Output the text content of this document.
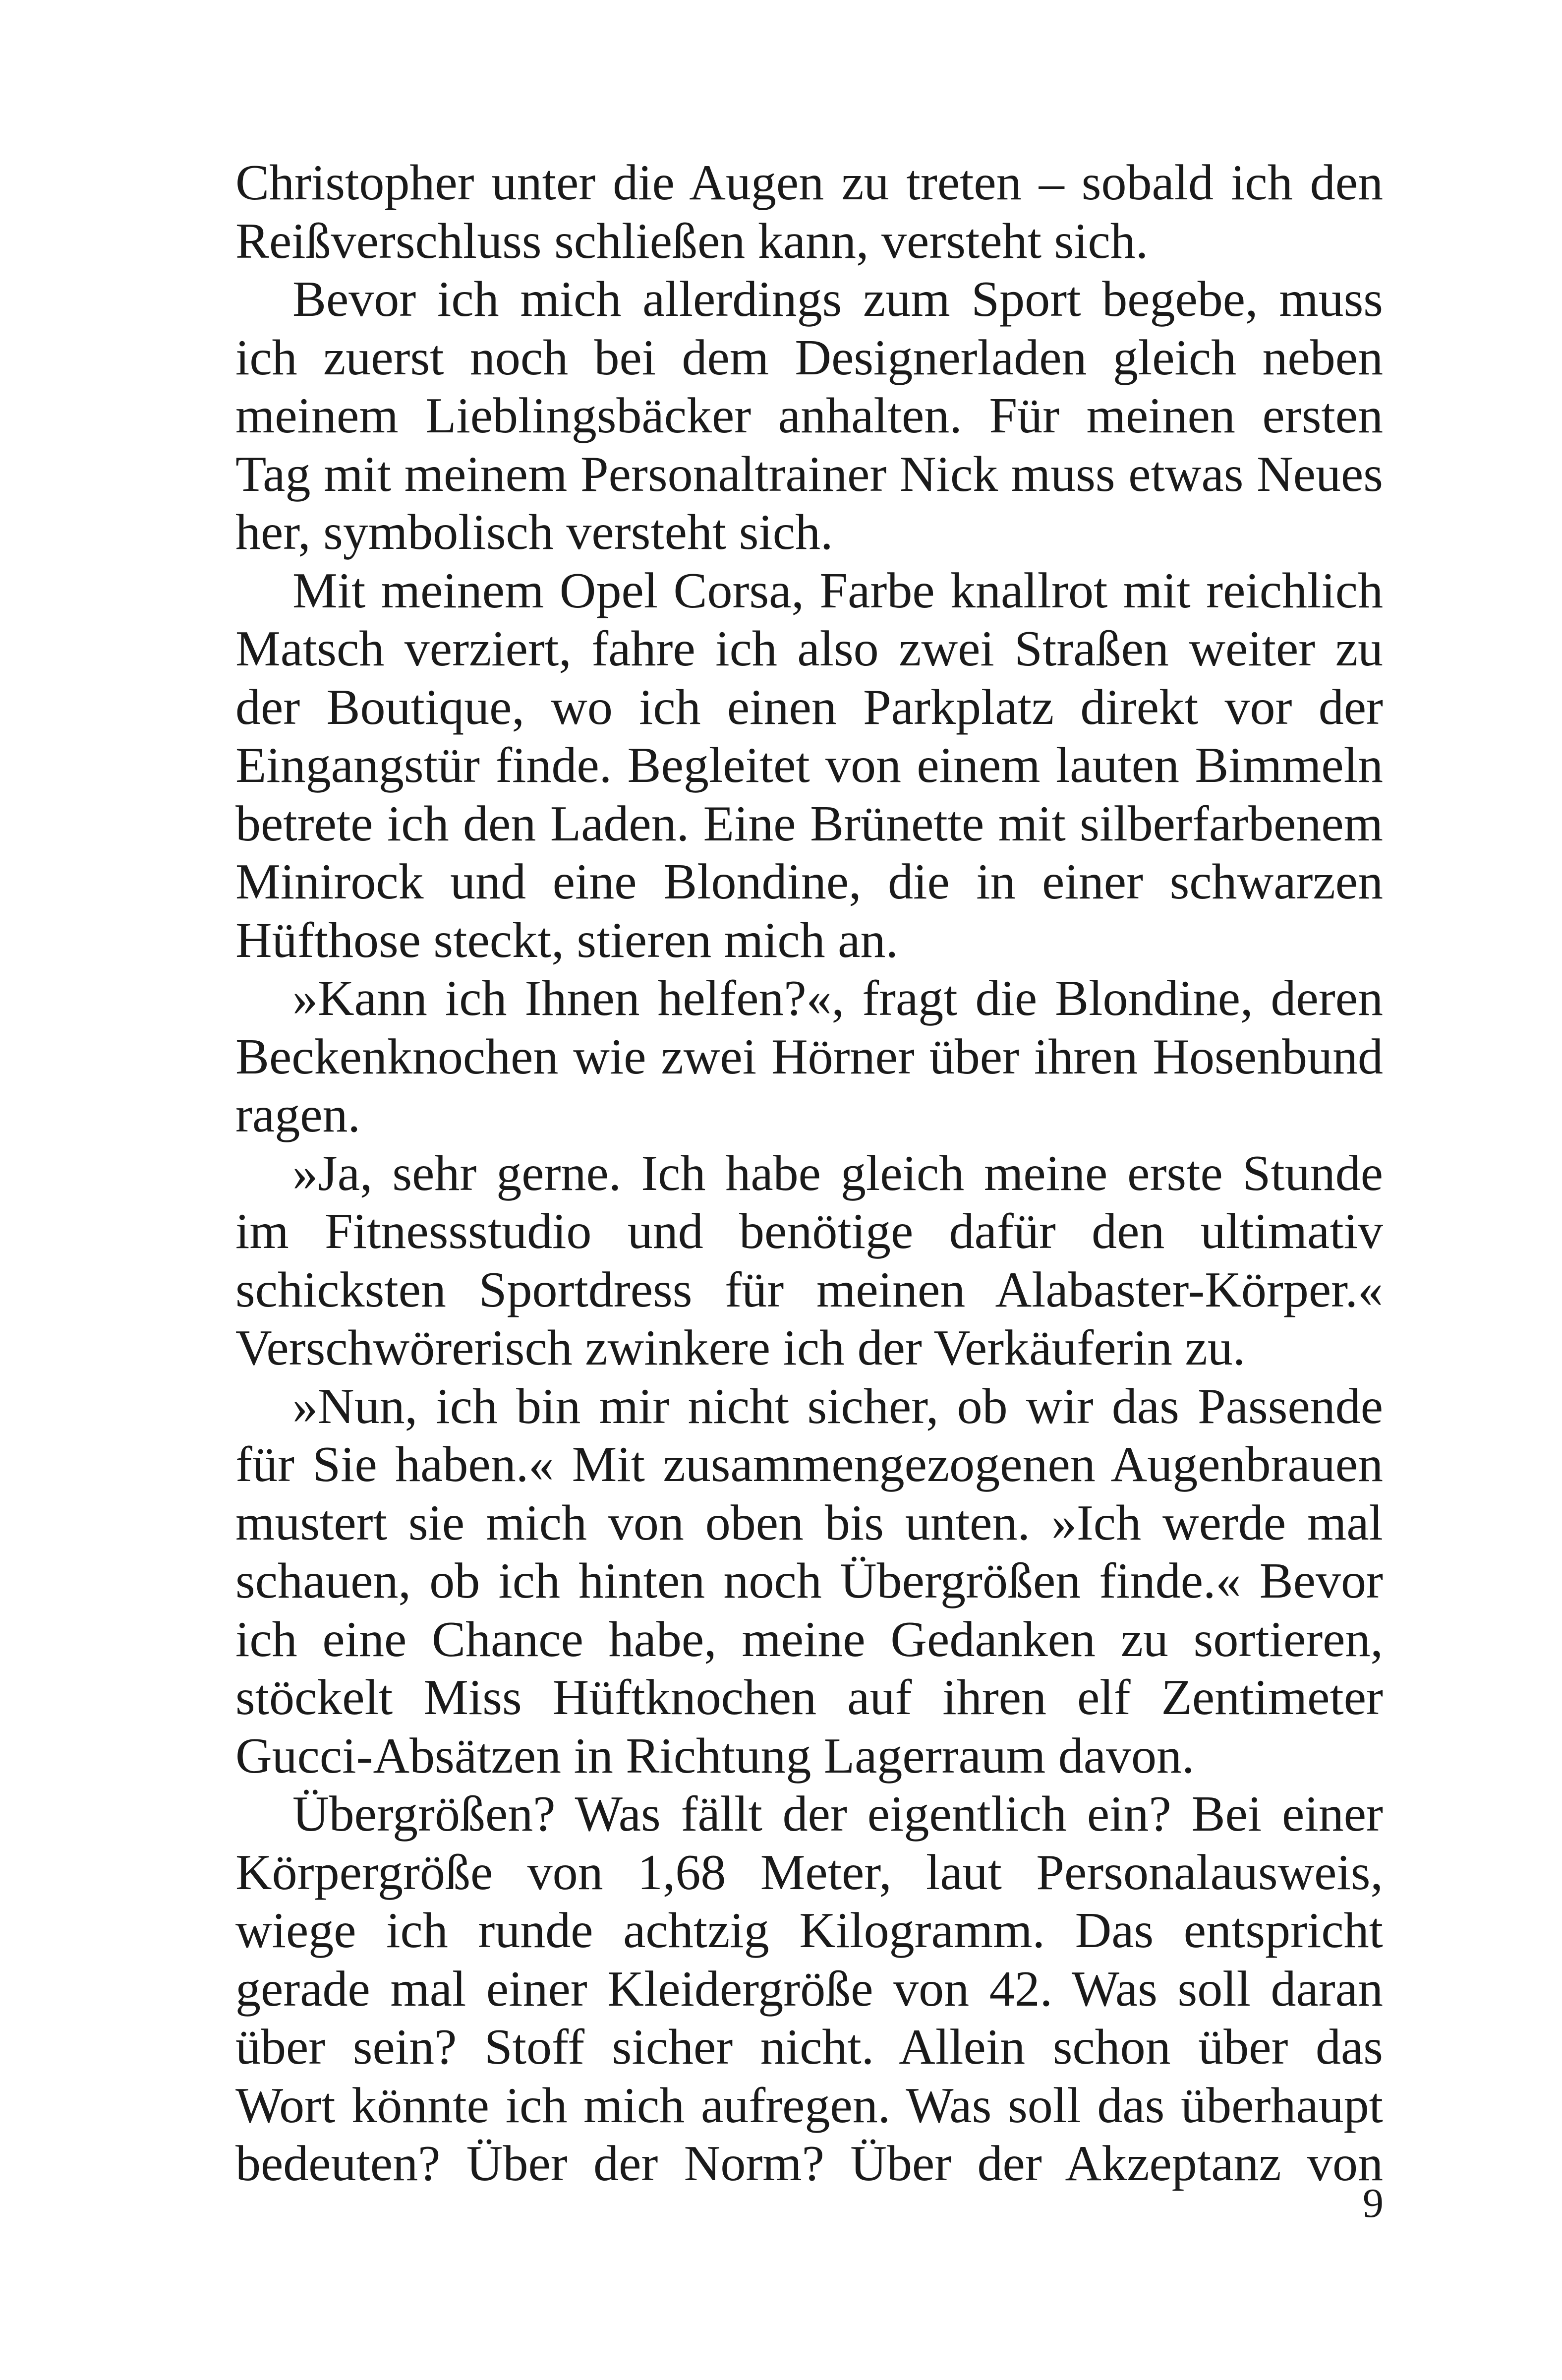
Christopher unter die Augen zu treten – sobald ich den
Reißverschluss schließen kann, versteht sich.

Bevor ich mich allerdings zum Sport begebe, muss
ich zuerst noch bei dem Designerladen gleich neben
meinem Lieblingsbäcker anhalten. Für meinen ersten
Tag mit meinem Personaltrainer Nick muss etwas Neues
her, symbolisch versteht sich.

Mit meinem Opel Corsa, Farbe knallrot mit reichlich
Matsch verziert, fahre ich also zwei Straßen weiter zu
der Boutique, wo ich einen Parkplatz direkt vor der
Eingangstür finde. Begleitet von einem lauten Bimmeln
betrete ich den Laden. Eine Brünette mit silberfarbenem
Minirock und eine Blondine, die in einer schwarzen
Hüfthose steckt, stieren mich an.

»Kann ich Ihnen helfen?«, fragt die Blondine, deren
Beckenknochen wie zwei Hörner über ihren Hosenbund
ragen.

»Ja, sehr gerne. Ich habe gleich meine erste Stunde
im Fitnessstudio und benötige dafür den ultimativ
schicksten Sportdress für meinen Alabaster-Körper.«
Verschwörerisch zwinkere ich der Verkäuferin zu.

»Nun, ich bin mir nicht sicher, ob wir das Passende
für Sie haben.« Mit zusammengezogenen Augenbrauen
mustert sie mich von oben bis unten. »Ich werde mal
schauen, ob ich hinten noch Übergrößen finde.« Bevor
ich eine Chance habe, meine Gedanken zu sortieren,
stöckelt Miss Hüftknochen auf ihren elf Zentimeter
Gucci-Absätzen in Richtung Lagerraum davon.

Übergrößen? Was fällt der eigentlich ein? Bei einer
Körpergröße von 1,68 Meter, laut Personalausweis,
wiege ich runde achtzig Kilogramm. Das entspricht
gerade mal einer Kleidergröße von 42. Was soll daran
über sein? Stoff sicher nicht. Allein schon über das
Wort könnte ich mich aufregen. Was soll das überhaupt
bedeuten? Über der Norm? Über der Akzeptanz von

9
